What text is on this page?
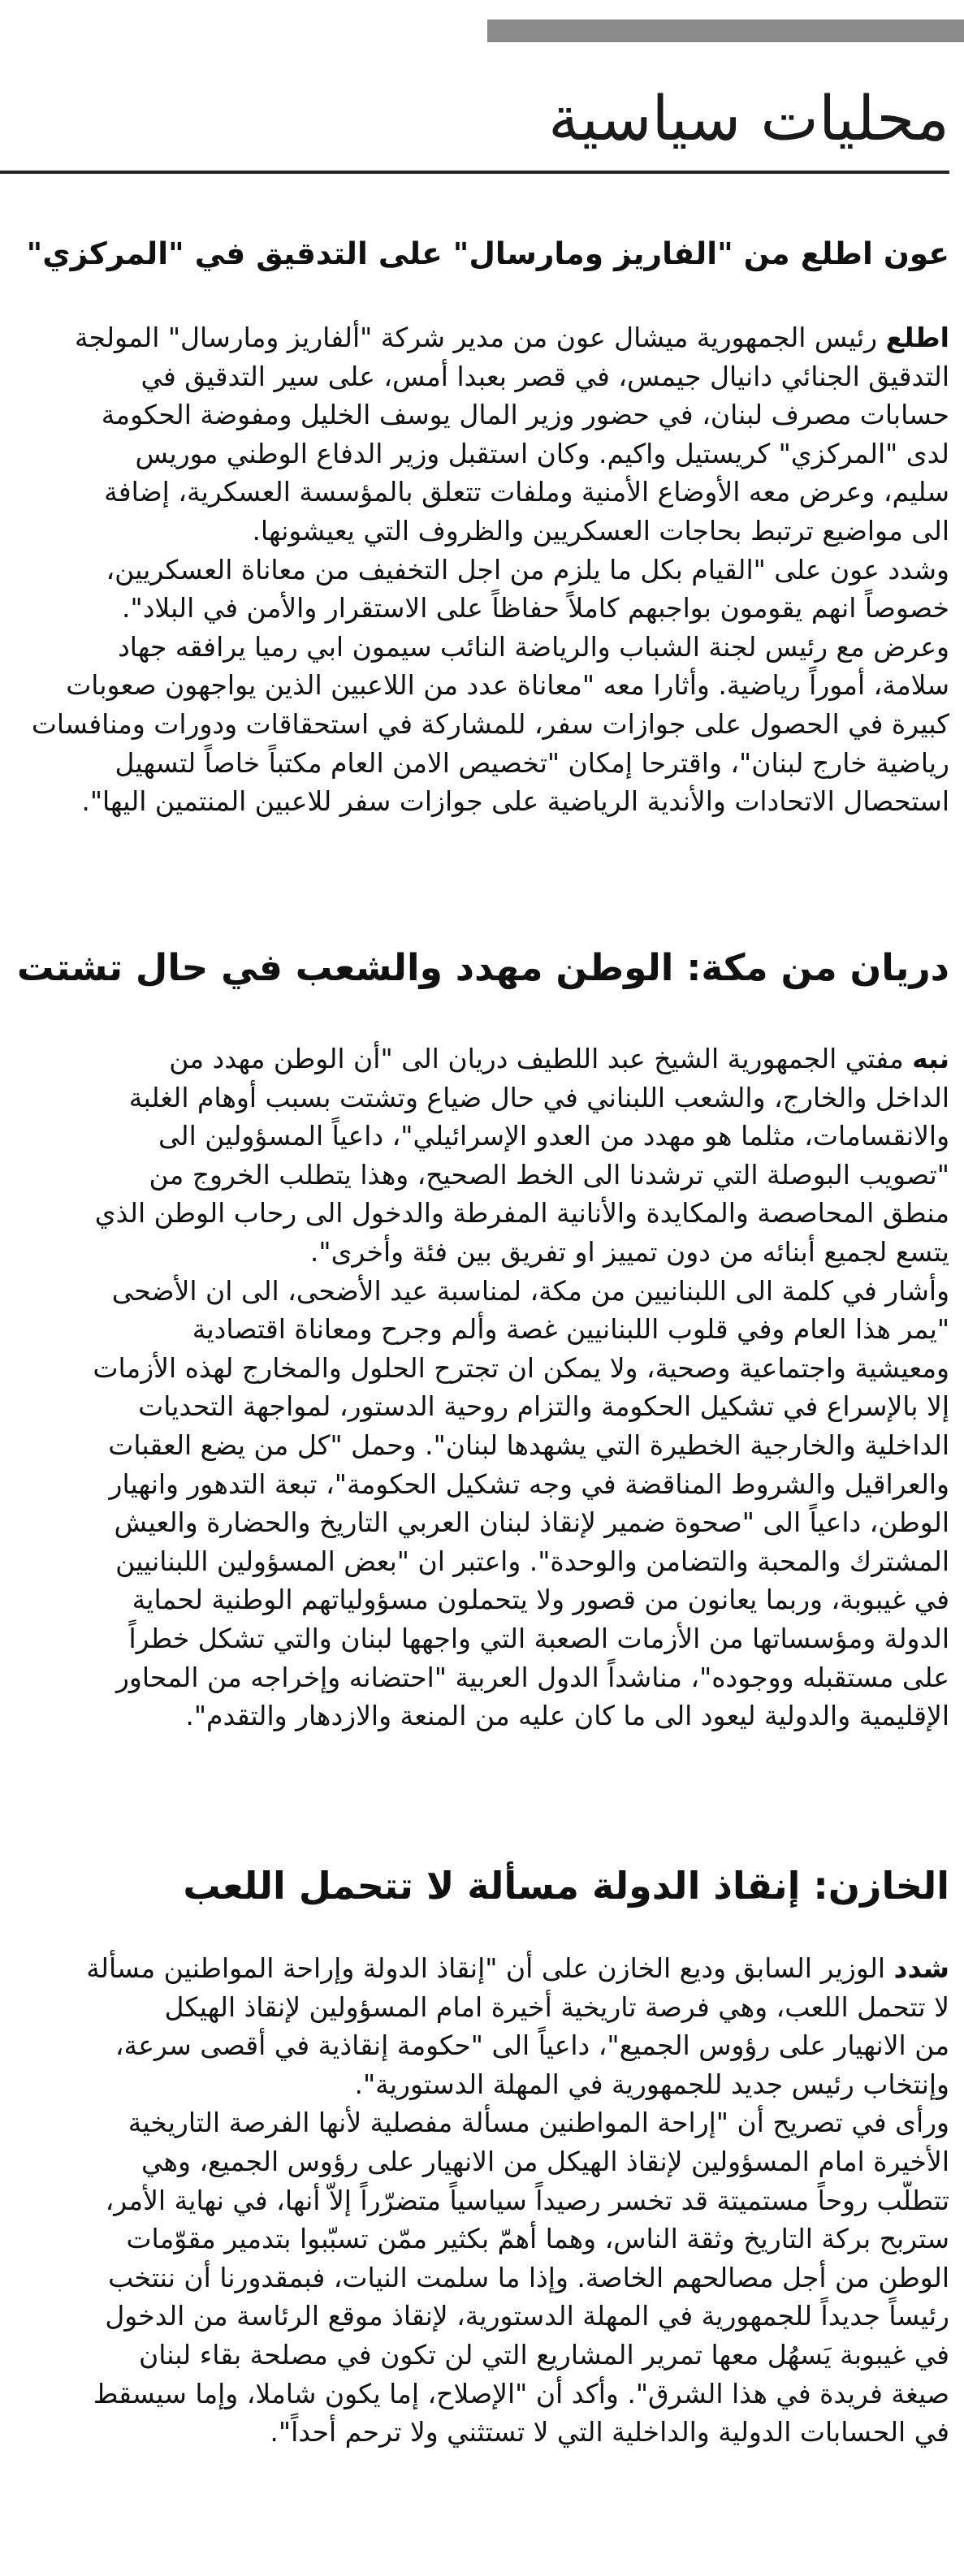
محليات سياسية
عون اطلع من "الفاريز ومارسال" على التدقيق في "المركزي"
اطلع رئيس الجمهورية ميشال عون من مدير شركة "ألفاريز ومارسال" المولجة
التدقيق الجنائي دانيال جيمس، في قصر بعبدا أمس، على سير التدقيق في
حسابات مصرف لبنان، في حضور وزير المال يوسف الخليل ومفوضة الحكومة
لدى "المركزي" كريستيل واكيم. وكان استقبل وزير الدفاع الوطني موريس
سليم، وعرض معه الأوضاع الأمنية وملفات تتعلق بالمؤسسة العسكرية، إضافة
الى مواضيع ترتبط بحاجات العسكريين والظروف التي يعيشونها.
وشدد عون على "القيام بكل ما يلزم من اجل التخفيف من معاناة العسكريين،
خصوصاً انهم يقومون بواجبهم كاملاً حفاظاً على الاستقرار والأمن في البلاد".
وعرض مع رئيس لجنة الشباب والرياضة النائب سيمون ابي رميا يرافقه جهاد
سلامة، أموراً رياضية. وأثارا معه "معاناة عدد من اللاعبين الذين يواجهون صعوبات
كبيرة في الحصول على جوازات سفر، للمشاركة في استحقاقات ودورات ومنافسات
رياضية خارج لبنان"، واقترحا إمكان "تخصيص الامن العام مكتباً خاصاً لتسهيل
استحصال الاتحادات والأندية الرياضية على جوازات سفر للاعبين المنتمين اليها".
دريان من مكة: الوطن مهدد والشعب في حال تشتت
نبه مفتي الجمهورية الشيخ عبد اللطيف دريان الى "أن الوطن مهدد من
الداخل والخارج، والشعب اللبناني في حال ضياع وتشتت بسبب أوهام الغلبة
والانقسامات، مثلما هو مهدد من العدو الإسرائيلي"، داعياً المسؤولين الى
"تصويب البوصلة التي ترشدنا الى الخط الصحيح، وهذا يتطلب الخروج من
منطق المحاصصة والمكايدة والأنانية المفرطة والدخول الى رحاب الوطن الذي
يتسع لجميع أبنائه من دون تمييز او تفريق بين فئة وأخرى".
وأشار في كلمة الى اللبنانيين من مكة، لمناسبة عيد الأضحى، الى ان الأضحى
"يمر هذا العام وفي قلوب اللبنانيين غصة وألم وجرح ومعاناة اقتصادية
ومعيشية واجتماعية وصحية، ولا يمكن ان تجترح الحلول والمخارج لهذه الأزمات
إلا بالإسراع في تشكيل الحكومة والتزام روحية الدستور، لمواجهة التحديات
الداخلية والخارجية الخطيرة التي يشهدها لبنان". وحمل "كل من يضع العقبات
والعراقيل والشروط المناقضة في وجه تشكيل الحكومة"، تبعة التدهور وانهيار
الوطن، داعياً الى "صحوة ضمير لإنقاذ لبنان العربي التاريخ والحضارة والعيش
المشترك والمحبة والتضامن والوحدة". واعتبر ان "بعض المسؤولين اللبنانيين
في غيبوبة، وربما يعانون من قصور ولا يتحملون مسؤولياتهم الوطنية لحماية
الدولة ومؤسساتها من الأزمات الصعبة التي واجهها لبنان والتي تشكل خطراً
على مستقبله ووجوده"، مناشداً الدول العربية "احتضانه وإخراجه من المحاور
الإقليمية والدولية ليعود الى ما كان عليه من المنعة والازدهار والتقدم".
الخازن: إنقاذ الدولة مسألة لا تتحمل اللعب
شدد الوزير السابق وديع الخازن على أن "إنقاذ الدولة وإراحة المواطنين مسألة
لا تتحمل اللعب، وهي فرصة تاريخية أخيرة امام المسؤولين لإنقاذ الهيكل
من الانهيار على رؤوس الجميع"، داعياً الى "حكومة إنقاذية في أقصى سرعة،
وإنتخاب رئيس جديد للجمهورية في المهلة الدستورية".
ورأى في تصريح أن "إراحة المواطنين مسألة مفصلية لأنها الفرصة التاريخية
الأخيرة امام المسؤولين لإنقاذ الهيكل من الانهيار على رؤوس الجميع، وهي
تتطلّب روحاً مستميتة قد تخسر رصيداً سياسياً متضرّراً إلاّ أنها، في نهاية الأمر،
ستربح بركة التاريخ وثقة الناس، وهما أهمّ بكثير ممّن تسبّبوا بتدمير مقوّمات
الوطن من أجل مصالحهم الخاصة. وإذا ما سلمت النيات، فبمقدورنا أن ننتخب
رئيساً جديداً للجمهورية في المهلة الدستورية، لإنقاذ موقع الرئاسة من الدخول
في غيبوبة يَسهُل معها تمرير المشاريع التي لن تكون في مصلحة بقاء لبنان
صيغة فريدة في هذا الشرق". وأكد أن "الإصلاح، إما يكون شاملا، وإما سيسقط
في الحسابات الدولية والداخلية التي لا تستثني ولا ترحم أحداً".
